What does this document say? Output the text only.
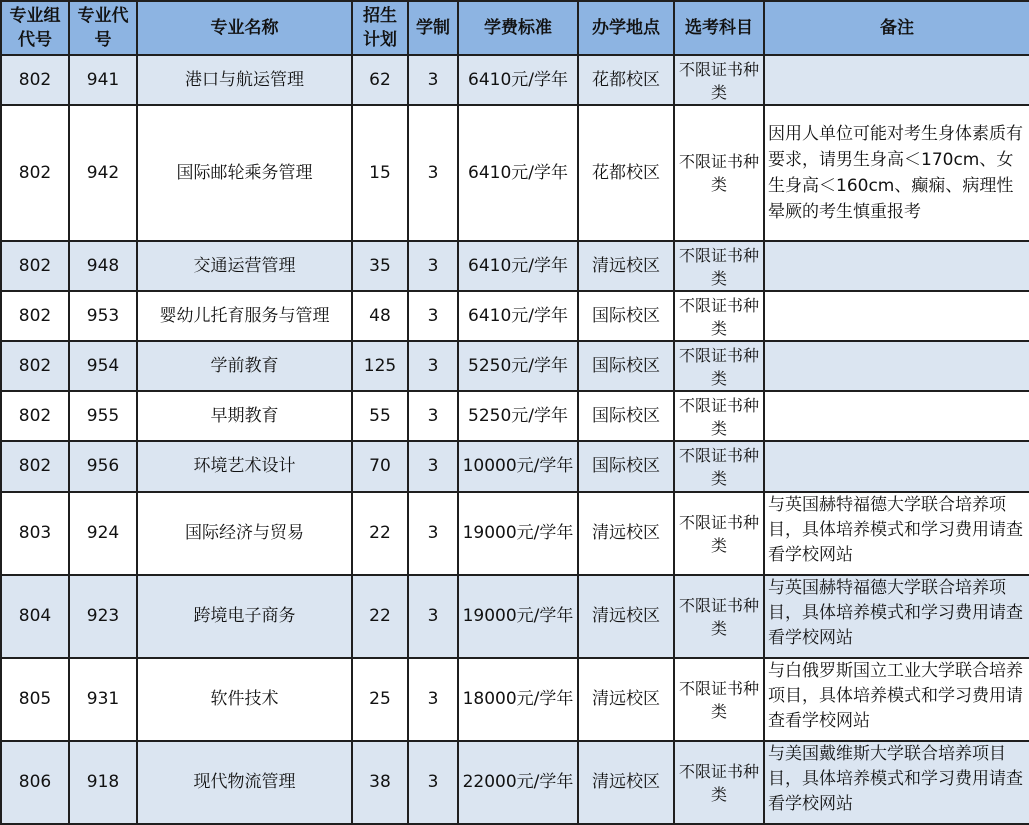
专业组代号	专业代号	专业名称	招生计划	学制	学费标准	办学地点	选考科目	备注
802	941	港口与航运管理	62	3	6410元/学年	花都校区	不限证书种类	
802	942	国际邮轮乘务管理	15	3	6410元/学年	花都校区	不限证书种类	因用人单位可能对考生身体素质有要求，请男生身高＜170cm、女生身高＜160cm、癫痫、病理性晕厥的考生慎重报考
802	948	交通运营管理	35	3	6410元/学年	清远校区	不限证书种类	
802	953	婴幼儿托育服务与管理	48	3	6410元/学年	国际校区	不限证书种类	
802	954	学前教育	125	3	5250元/学年	国际校区	不限证书种类	
802	955	早期教育	55	3	5250元/学年	国际校区	不限证书种类	
802	956	环境艺术设计	70	3	10000元/学年	国际校区	不限证书种类	
803	924	国际经济与贸易	22	3	19000元/学年	清远校区	不限证书种类	与英国赫特福德大学联合培养项目，具体培养模式和学习费用请查看学校网站
804	923	跨境电子商务	22	3	19000元/学年	清远校区	不限证书种类	与英国赫特福德大学联合培养项目，具体培养模式和学习费用请查看学校网站
805	931	软件技术	25	3	18000元/学年	清远校区	不限证书种类	与白俄罗斯国立工业大学联合培养项目，具体培养模式和学习费用请查看学校网站
806	918	现代物流管理	38	3	22000元/学年	清远校区	不限证书种类	与美国戴维斯大学联合培养项目目，具体培养模式和学习费用请查看学校网站
